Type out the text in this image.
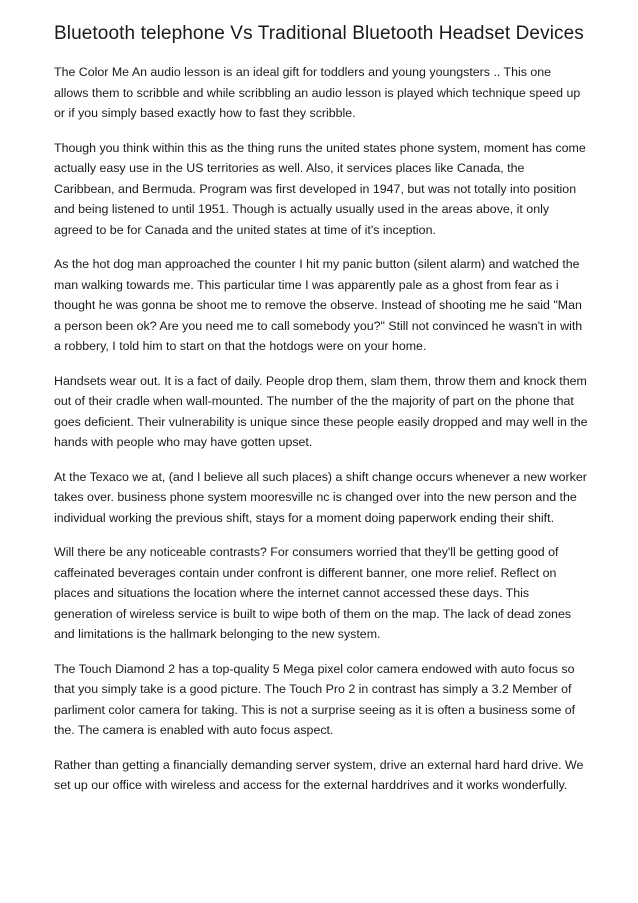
Bluetooth telephone Vs Traditional Bluetooth Headset Devices

The Color Me An audio lesson is an ideal gift for toddlers and young youngsters .. This one allows them to scribble and while scribbling an audio lesson is played which technique speed up or if you simply based exactly how to fast they scribble.

Though you think within this as the thing runs the united states phone system, moment has come actually easy use in the US territories as well. Also, it services places like Canada, the Caribbean, and Bermuda. Program was first developed in 1947, but was not totally into position and being listened to until 1951. Though is actually usually used in the areas above, it only agreed to be for Canada and the united states at time of it's inception.

As the hot dog man approached the counter I hit my panic button (silent alarm) and watched the man walking towards me. This particular time I was apparently pale as a ghost from fear as i thought he was gonna be shoot me to remove the observe. Instead of shooting me he said "Man a person been ok? Are you need me to call somebody you?" Still not convinced he wasn't in with a robbery, I told him to start on that the hotdogs were on your home.

Handsets wear out. It is a fact of daily. People drop them, slam them, throw them and knock them out of their cradle when wall-mounted. The number of the the majority of part on the phone that goes deficient. Their vulnerability is unique since these people easily dropped and may well in the hands with people who may have gotten upset.

At the Texaco we at, (and I believe all such places) a shift change occurs whenever a new worker takes over. business phone system mooresville nc is changed over into the new person and the individual working the previous shift, stays for a moment doing paperwork ending their shift.

Will there be any noticeable contrasts? For consumers worried that they'll be getting good of caffeinated beverages contain under confront is different banner, one more relief. Reflect on places and situations the location where the internet cannot accessed these days. This generation of wireless service is built to wipe both of them on the map. The lack of dead zones and limitations is the hallmark belonging to the new system.

The Touch Diamond 2 has a top-quality 5 Mega pixel color camera endowed with auto focus so that you simply take is a good picture. The Touch Pro 2 in contrast has simply a 3.2 Member of parliment color camera for taking. This is not a surprise seeing as it is often a business some of the. The camera is enabled with auto focus aspect.

Rather than getting a financially demanding server system, drive an external hard hard drive. We set up our office with wireless and access for the external harddrives and it works wonderfully.
